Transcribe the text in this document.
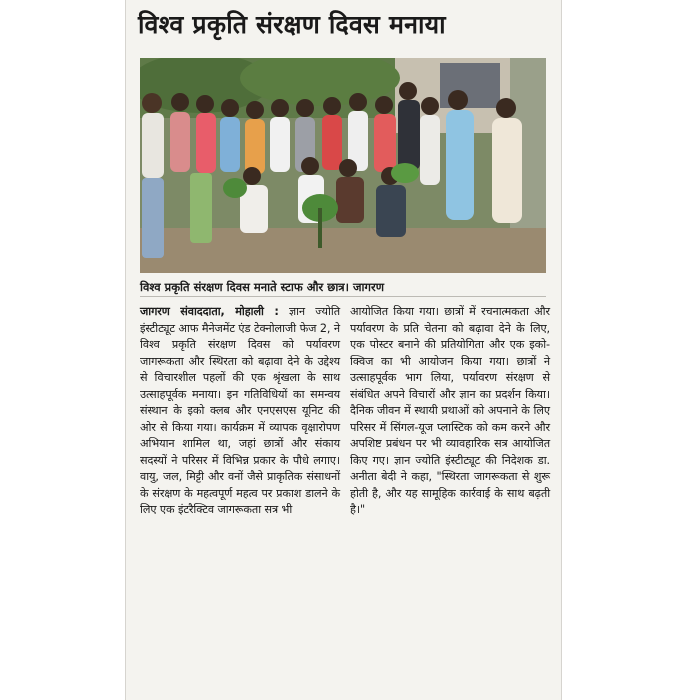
विश्व प्रकृति संरक्षण दिवस मनाया
विश्व प्रकृति संरक्षण दिवस मनाते स्टाफ और छात्र। जागरण
जागरण संवाददाता, मोहाली : ज्ञान ज्योति इंस्टीट्यूट आफ मैनेजमेंट एंड टेक्नोलाजी फेज 2, ने विश्व प्रकृति संरक्षण दिवस को पर्यावरण जागरूकता और स्थिरता को बढ़ावा देने के उद्देश्य से विचारशील पहलों की एक श्रृंखला के साथ उत्साहपूर्वक मनाया। इन गतिविधियों का समन्वय संस्थान के इको क्लब और एनएसएस यूनिट की ओर से किया गया। कार्यक्रम में व्यापक वृक्षारोपण अभियान शामिल था, जहां छात्रों और संकाय सदस्यों ने परिसर में विभिन्न प्रकार के पौधे लगाए। वायु, जल, मिट्टी और वनों जैसे प्राकृतिक संसाधनों के संरक्षण के महत्वपूर्ण महत्व पर प्रकाश डालने के लिए एक इंटरैक्टिव जागरूकता सत्र भी
आयोजित किया गया। छात्रों में रचनात्मकता और पर्यावरण के प्रति चेतना को बढ़ावा देने के लिए, एक पोस्टर बनाने की प्रतियोगिता और एक इको-क्विज का भी आयोजन किया गया। छात्रों ने उत्साहपूर्वक भाग लिया, पर्यावरण संरक्षण से संबंधित अपने विचारों और ज्ञान का प्रदर्शन किया। दैनिक जीवन में स्थायी प्रथाओं को अपनाने के लिए परिसर में सिंगल-यूज प्लास्टिक को कम करने और अपशिष्ट प्रबंधन पर भी व्यावहारिक सत्र आयोजित किए गए। ज्ञान ज्योति इंस्टीट्यूट की निदेशक डा. अनीता बेदी ने कहा, "स्थिरता जागरूकता से शुरू होती है, और यह सामूहिक कार्रवाई के साथ बढ़ती है।"
